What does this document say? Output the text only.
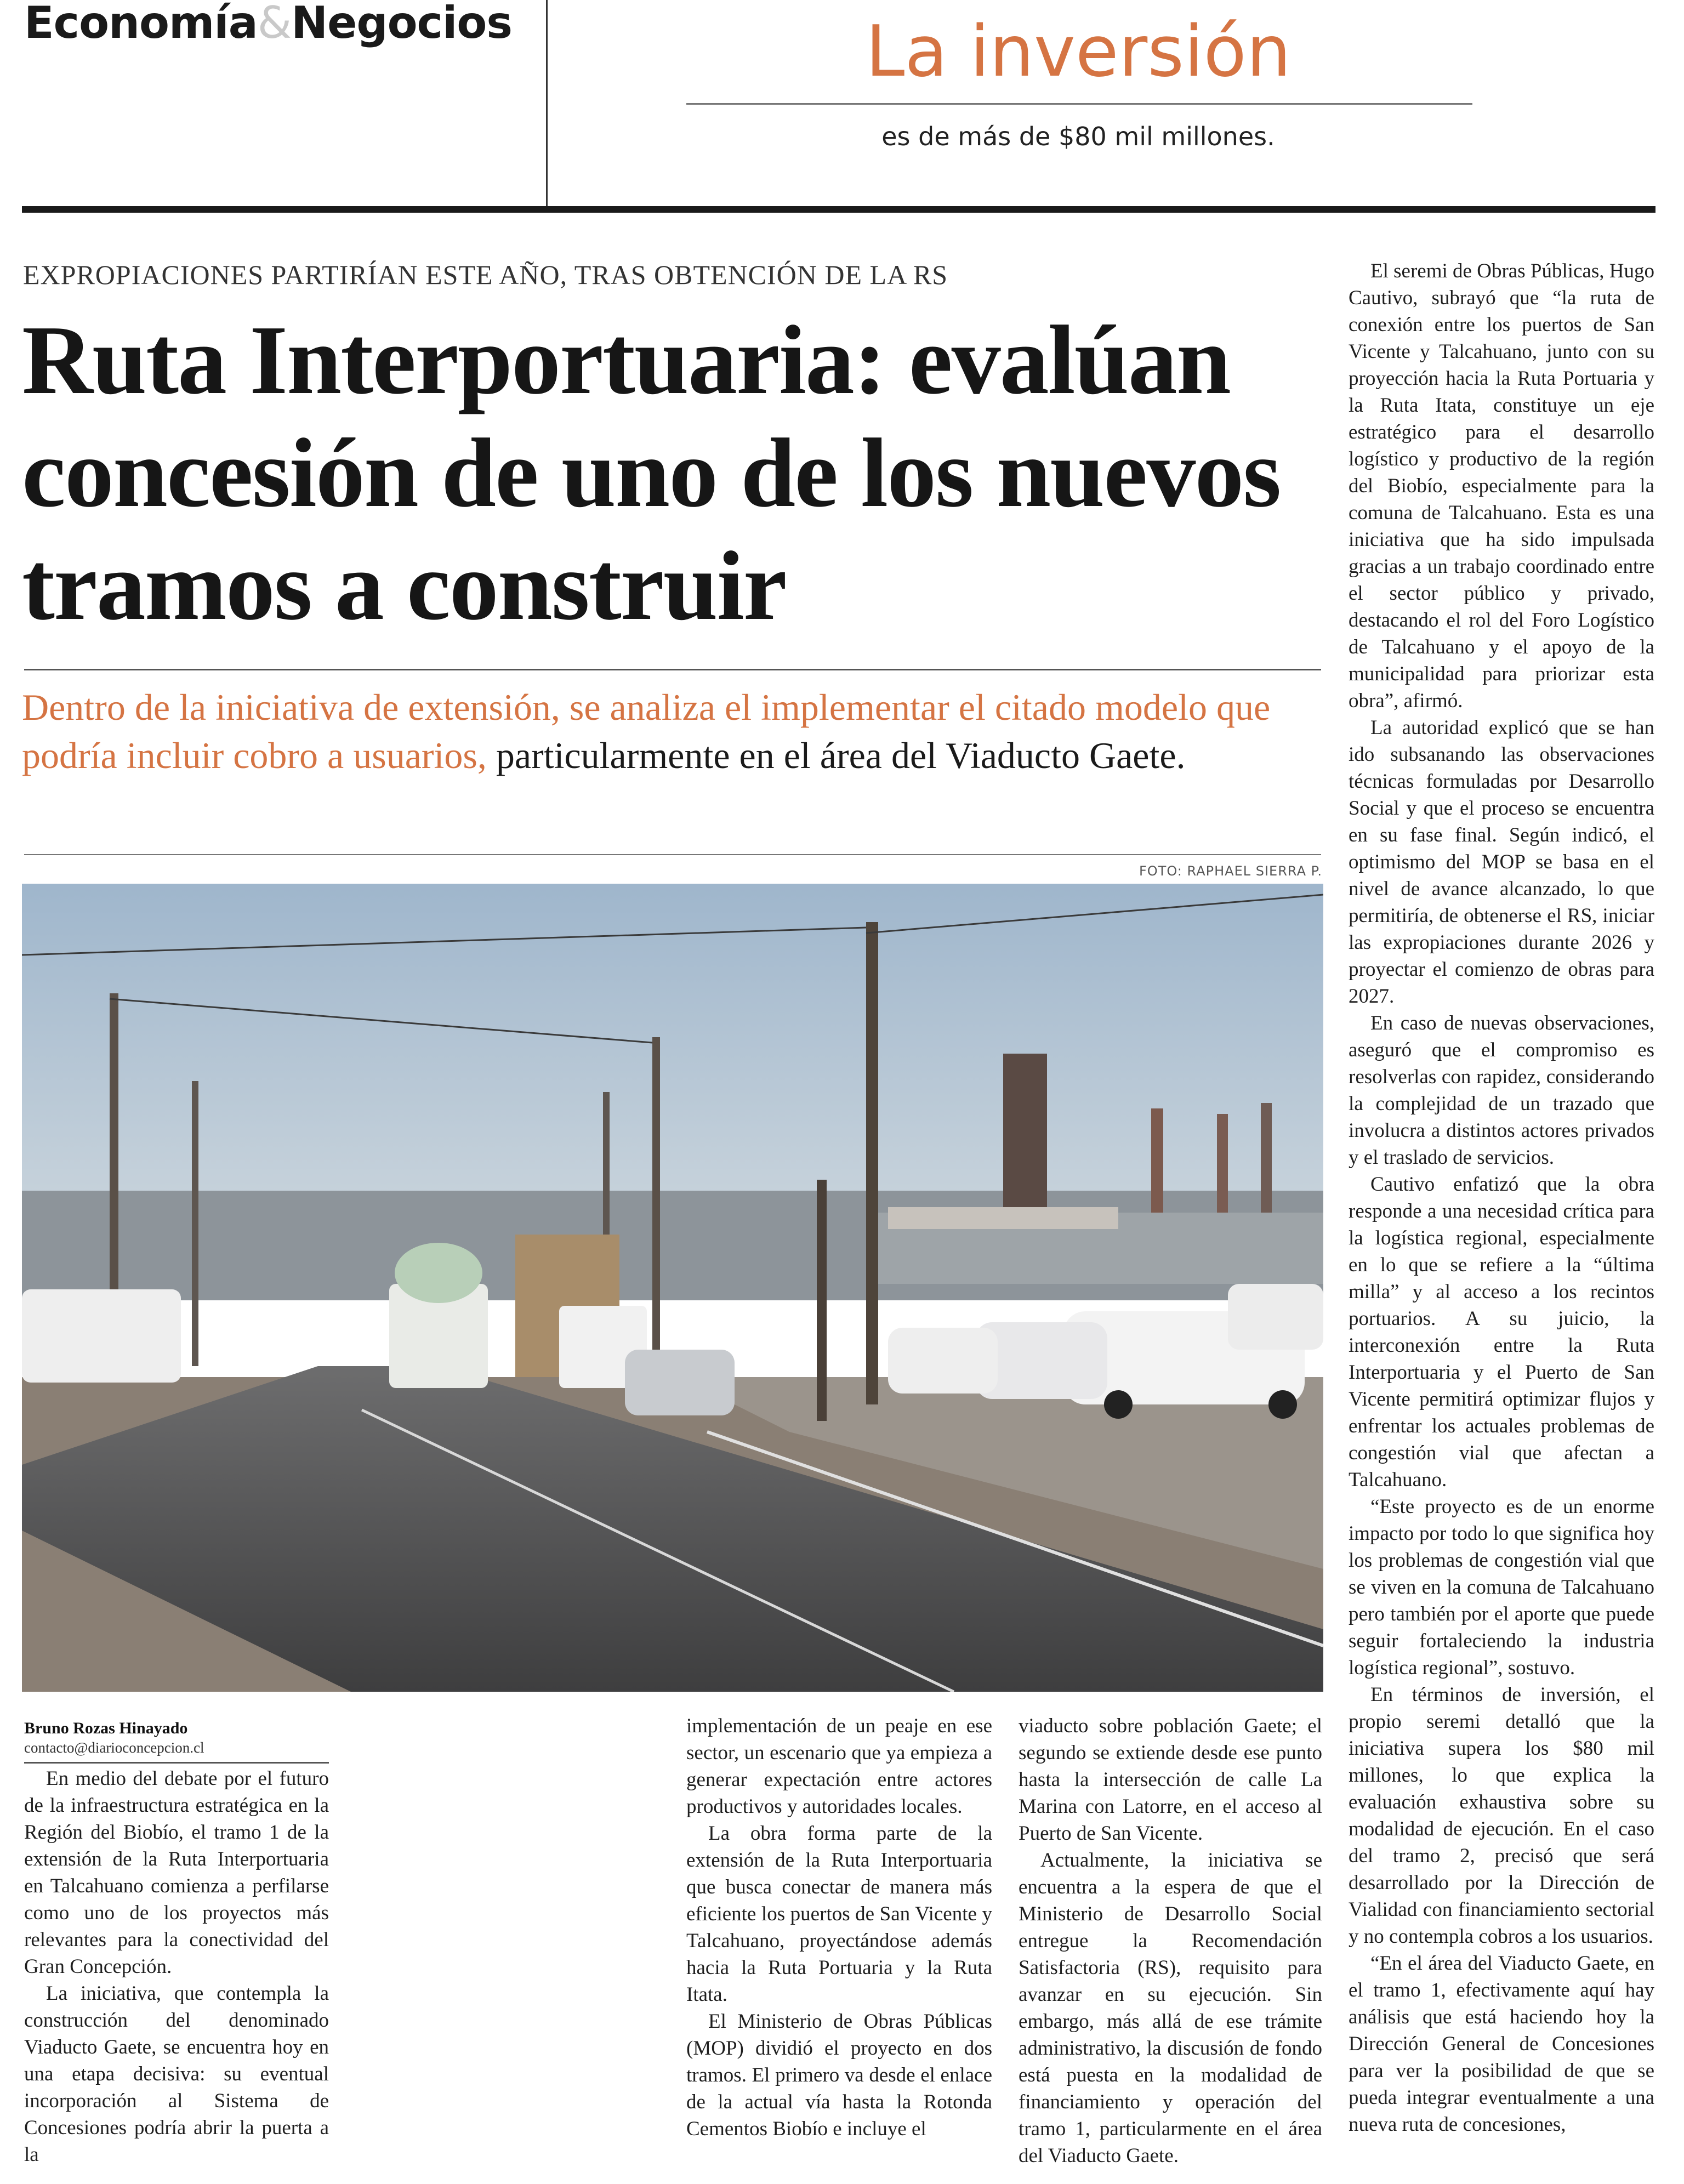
Economía&Negocios	La inversión
es de más de $80 mil millones.
EXPROPIACIONES PARTIRÍAN ESTE AÑO, TRAS OBTENCIÓN DE LA RS
Ruta Interportuaria: evalúan concesión de uno de los nuevos tramos a construir
Dentro de la iniciativa de extensión, se analiza el implementar el citado modelo que podría incluir cobro a usuarios, particularmente en el área del Viaducto Gaete.
FOTO: RAPHAEL SIERRA P.
Bruno Rozas Hinayado
contacto@diarioconcepcion.cl

En medio del debate por el futuro de la infraestructura estratégica en la Región del Biobío, el tramo 1 de la extensión de la Ruta Interportuaria en Talcahuano comienza a perfilarse como uno de los proyectos más relevantes para la conectividad del Gran Concepción.

La iniciativa, que contempla la construcción del denominado Viaducto Gaete, se encuentra hoy en una etapa decisiva: su eventual incorporación al Sistema de Concesiones podría abrir la puerta a la

implementación de un peaje en ese sector, un escenario que ya empieza a generar expectación entre actores productivos y autoridades locales.

La obra forma parte de la extensión de la Ruta Interportuaria que busca conectar de manera más eficiente los puertos de San Vicente y Talcahuano, proyectándose además hacia la Ruta Portuaria y la Ruta Itata.

El Ministerio de Obras Públicas (MOP) dividió el proyecto en dos tramos. El primero va desde el enlace de la actual vía hasta la Rotonda Cementos Biobío e incluye el

viaducto sobre población Gaete; el segundo se extiende desde ese punto hasta la intersección de calle La Marina con Latorre, en el acceso al Puerto de San Vicente.

Actualmente, la iniciativa se encuentra a la espera de que el Ministerio de Desarrollo Social entregue la Recomendación Satisfactoria (RS), requisito para avanzar en su ejecución. Sin embargo, más allá de ese trámite administrativo, la discusión de fondo está puesta en la modalidad de financiamiento y operación del tramo 1, particularmente en el área del Viaducto Gaete.

El seremi de Obras Públicas, Hugo Cautivo, subrayó que “la ruta de conexión entre los puertos de San Vicente y Talcahuano, junto con su proyección hacia la Ruta Portuaria y la Ruta Itata, constituye un eje estratégico para el desarrollo logístico y productivo de la región del Biobío, especialmente para la comuna de Talcahuano. Esta es una iniciativa que ha sido impulsada gracias a un trabajo coordinado entre el sector público y privado, destacando el rol del Foro Logístico de Talcahuano y el apoyo de la municipalidad para priorizar esta obra”, afirmó.

La autoridad explicó que se han ido subsanando las observaciones técnicas formuladas por Desarrollo Social y que el proceso se encuentra en su fase final. Según indicó, el optimismo del MOP se basa en el nivel de avance alcanzado, lo que permitiría, de obtenerse el RS, iniciar las expropiaciones durante 2026 y proyectar el comienzo de obras para 2027.

En caso de nuevas observaciones, aseguró que el compromiso es resolverlas con rapidez, considerando la complejidad de un trazado que involucra a distintos actores privados y el traslado de servicios.

Cautivo enfatizó que la obra responde a una necesidad crítica para la logística regional, especialmente en lo que se refiere a la “última milla” y al acceso a los recintos portuarios. A su juicio, la interconexión entre la Ruta Interportuaria y el Puerto de San Vicente permitirá optimizar flujos y enfrentar los actuales problemas de congestión vial que afectan a Talcahuano.

“Este proyecto es de un enorme impacto por todo lo que significa hoy los problemas de congestión vial que se viven en la comuna de Talcahuano pero también por el aporte que puede seguir fortaleciendo la industria logística regional”, sostuvo.

En términos de inversión, el propio seremi detalló que la iniciativa supera los $80 mil millones, lo que explica la evaluación exhaustiva sobre su modalidad de ejecución. En el caso del tramo 2, precisó que será desarrollado por la Dirección de Vialidad con financiamiento sectorial y no contempla cobros a los usuarios.

“En el área del Viaducto Gaete, en el tramo 1, efectivamente aquí hay análisis que está haciendo hoy la Dirección General de Concesiones para ver la posibilidad de que se pueda integrar eventualmente a una nueva ruta de concesiones,
